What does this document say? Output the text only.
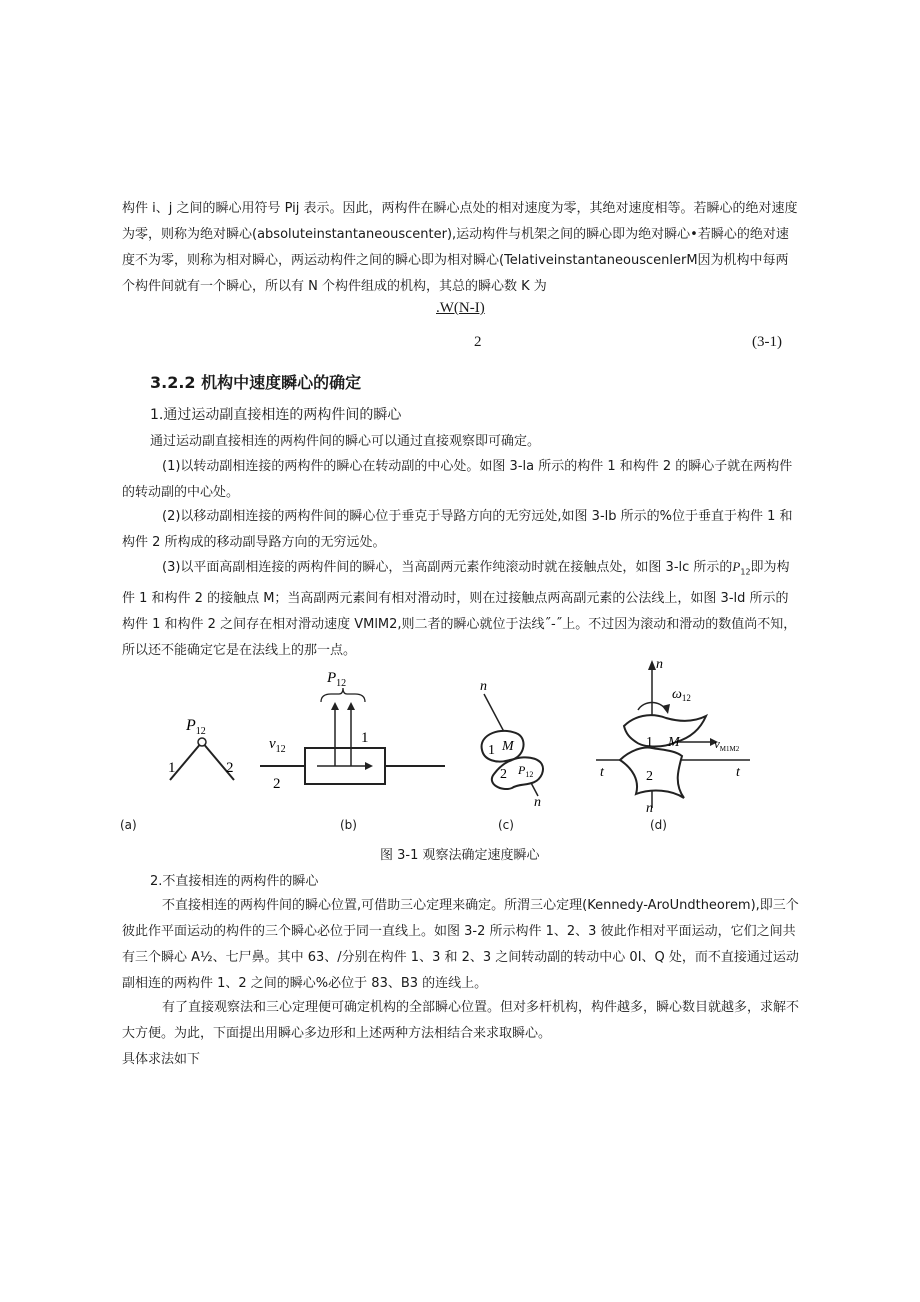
构件 i、j 之间的瞬心用符号 Pij 表示。因此，两构件在瞬心点处的相对速度为零，其绝对速度相等。若瞬心的绝对速度为零，则称为绝对瞬心(absoluteinstantaneouscenter),运动构件与机架之间的瞬心即为绝对瞬心•若瞬心的绝对速度不为零，则称为相对瞬心，两运动构件之间的瞬心即为相对瞬心(TelativeinstantaneouscenlerM因为机构中每两个构件间就有一个瞬心，所以有 N 个构件组成的机构，其总的瞬心数 K 为
.W(N-I)
2	(3-1)
3.2.2 机构中速度瞬心的确定
1.通过运动副直接相连的两构件间的瞬心
通过运动副直接相连的两构件间的瞬心可以通过直接观察即可确定。
(1)以转动副相连接的两构件的瞬心在转动副的中心处。如图 3-la 所示的构件 1 和构件 2 的瞬心子就在两构件的转动副的中心处。
(2)以移动副相连接的两构件间的瞬心位于垂克于导路方向的无穷远处,如图 3-lb 所示的%位于垂直于构件 1 和构件 2 所构成的移动副导路方向的无穷远处。
(3)以平面高副相连接的两构件间的瞬心，当高副两元素作纯滚动时就在接触点处，如图 3-lc 所示的$P_{12}$即为构件 1 和构件 2 的接触点 M；当高副两元素间有相对滑动时，则在过接触点两高副元素的公法线上，如图 3-ld 所示的构件 1 和构件 2 之间存在相对滑动速度 VMlM2,则二者的瞬心就位于法线˝-˝上。不过因为滚动和滑动的数值尚不知，所以还不能确定它是在法线上的那一点。
$P_{12}$
1	2
$P_{12}$
$v_{12}$
1
2
n
n
M
1
2 $P_{12}$
n
n
$\omega_{12}$
M
1
2
t	t
$v_{M1M2}$
(a)	(b)	(c)	(d)
图 3-1 观察法确定速度瞬心
2.不直接相连的两构件的瞬心
不直接相连的两构件间的瞬心位置,可借助三心定理来确定。所渭三心定理(Kennedy-AroUndtheorem),即三个彼此作平面运动的构件的三个瞬心必位于同一直线上。如图 3-2 所示构件 1、2、3 彼此作相对平面运动，它们之间共有三个瞬心 A½、七尸鼻。其中 63、/分别在构件 1、3 和 2、3 之间转动副的转动中心 0I、Q 处，而不直接通过运动副相连的两构件 1、2 之间的瞬心%必位于 83、B3 的连线上。
有了直接观察法和三心定理便可确定机构的全部瞬心位置。但对多杆机构，构件越多，瞬心数目就越多，求解不大方便。为此，下面提出用瞬心多边形和上述两种方法相结合来求取瞬心。
具体求法如下
